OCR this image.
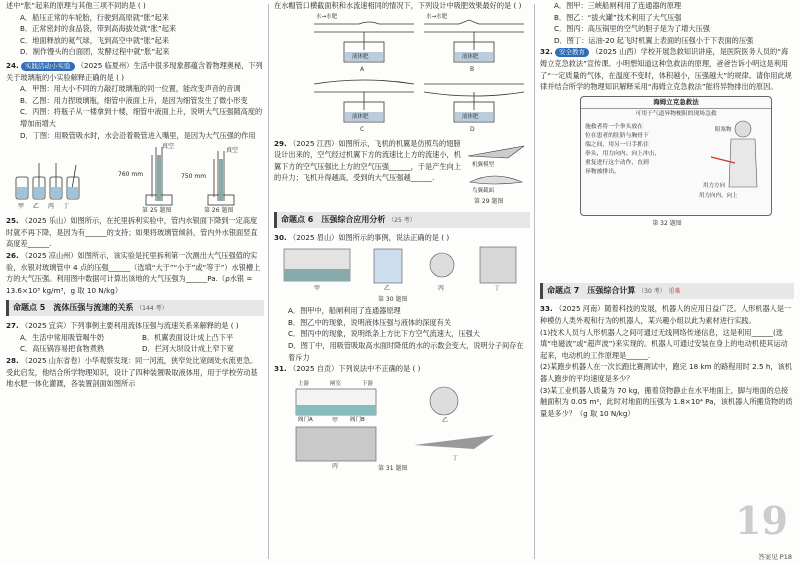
述中“胀”起来的原理与其他三项不同的是 ( )

A．船压正常的车轮胎，行驶到高原就“胀”起来

B．正常密封的食品袋，带到高海拔处就“胀”起来

C．地面释放的氦气球，飞到高空中就“胀”起来

D．制作馒头的白面团，发酵过程中就“胀”起来

24. 实践活动小实验 （2025 临夏州）生活中很多现象都蕴含着物理奥秘，下列关于玻璃瓶的小实验解释正确的是 ( )

A．甲图：用大小不同的力敲打玻璃瓶的同一位置，能改变声音的音调

B．乙图：用力捏玻璃瓶，细管中液面上升，是因为细管发生了微小形变

C．丙图：将瓶子从一楼拿到十楼，细管中液面上升，说明大气压强随高度的增加而增大

D．丁图：用吸管吸水时，水会沿着吸管进入嘴里，是因为大气压强的作用

甲乙丙丁
真空
760 mm
第 25 题图
真空
750 mm
第 26 题图

25. （2025 乐山）如图所示，在托里拆利实验中，管内水银面下降到一定高度时就不再下降，是因为有______的支持；如果将玻璃管倾斜，管内外水银面竖直高度差______.

26. （2025 凉山州）如图所示，该实验是托里拆利第一次测出大气压强值的实验，水银对玻璃管中 4 点的压强______（选填“大于”“小于”或“等于”）水银槽上方的大气压强。利用图中数据可计算出该地的大气压强为______Pa.（ρ水银 = 13.6×10³ kg/m³，g 取 10 N/kg）

命题点 5　 流体压强与流速的关系 （144 考）

27. （2025 宜宾）下列事例主要利用流体压强与流速关系来解释的是 ( )

A．生活中常用吸管喝牛奶	B．机翼表面设计成上凸下平
C．高压锅容易把食物煮熟	D．拦河大坝设计成上窄下宽

28. （2025 山东省卷）小华观察发现：同一河流，狭窄处比宽阔处水流更急。受此启发，他结合所学物理知识，设计了四种装置吸取液体用，用于学校劳动基地水肥一体化灌溉，各装置剖面如图所示

在水帽管口横截面积和水流速相同的情况下，下列设计中吸肥效果最好的是 ( )

水→水肥	水→水肥
液体肥	液体肥
液体肥	液体肥
A	B
C	D

29. （2025 江西）如图所示，飞机的机翼是仿照鸟的翅膀设计出来的，空气经过机翼下方的流速比上方的流速小，机翼下方的空气压强比上方的空气压强______，于是产生向上的升力；飞机升得越高，受到的大气压强越______.

机翼模型
鸟翼截面
第 29 题图
命题点 6　 压强综合应用分析 （25 考）

30. （2025 眉山）如图所示的事例，说法正确的是 ( )

甲	乙	丙	丁
第 30 题图

A．图甲中，船闸利用了连通器原理

B．图乙中的现象，说明液体压强与液体的深度有关

C．图丙中的现象，说明纸条上方比下方空气流速大，压强大

D．图丁中，用吸管吸取高水面时降低的水的示数会变大，说明分子间存在着斥力

31. （2025 自贡）下列说法中不正确的是 ( )

上游	闸室	下游
阀门A	阀门B
甲	乙
丙
丁
第 31 题图

A．图甲：三峡船闸利用了连通器的原理

B．图乙：“拔火罐”技术利用了大气压强

C．图丙：高压锅里的空气的胆子是为了增大压强

D．图丁：运油-20 起飞时机翼上表面的压强小于下表面的压强

32. 安全教育 （2025 山西）学校开展急救知识讲座，是医院医务人员的“海姆立克急救法”宣传课。小明想知道这种急救法的原理，爸爸告诉小明这是利用了“一定质量的气体，在温度不变时，体积越小，压强越大”的规律。请你用此规律并结合所学的物理知识解释采用“海姆立克急救法”能将异物排出的原因。

海姆立克急救法
可用于气道异物梗阻的现场急救
施救者将一个拳头放在
位在患者的肚脐与胸骨下
端之间，用另一只手抓住
拳头，用力向内、向上冲击，
重复进行这个动作，直到
异物被排出。
阻塞物
用力方向
用力向内、向上
第 32 题图
命题点 7　 压强综合计算 （30 考） 重难

33. （2025 河南）随着科技的发展，机器人的应用日益广泛。人形机器人是一种模仿人类外观和行为的机器人，某兴趣小组以此为素材进行实践。

(1)技术人员与人形机器人之间可通过无线网络传递信息，这是利用______(选填“电磁波”或“超声波”)来实现的。机器人可通过安装在身上的电动机使其运动起来，电动机的工作原理是______.

(2)某跑步机器人在一次长跑比赛测试中，跑完 18 km 的路程用时 2.5 h，该机器人跑步的平均速度是多少？

(3)某工业机器人质量为 70 kg，搬着货物静止在水平地面上，脚与地面的总接触面积为 0.05 m²，此时对地面的压强为 1.8×10⁴ Pa，该机器人所搬货物的质量是多少？（g 取 10 N/kg）

19
答案见 P18
